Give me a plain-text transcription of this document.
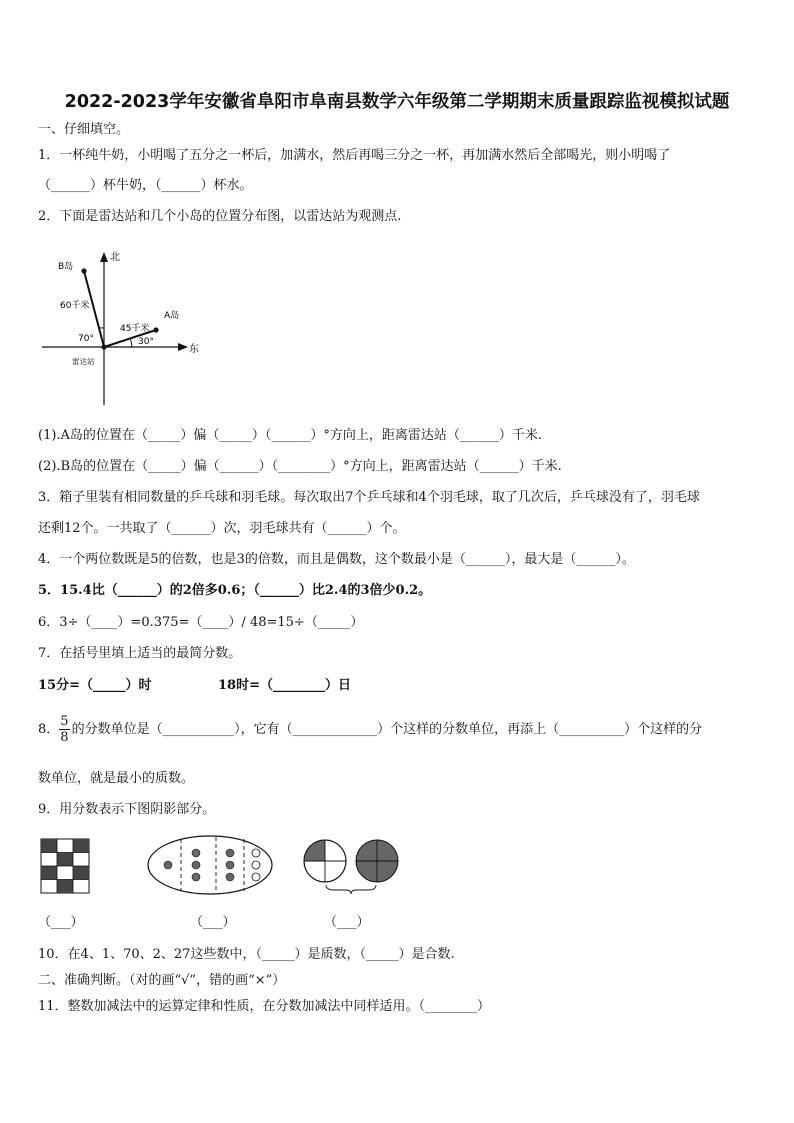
2022-2023学年安徽省阜阳市阜南县数学六年级第二学期期末质量跟踪监视模拟试题
一、仔细填空。
1．一杯纯牛奶，小明喝了五分之一杯后，加满水，然后再喝三分之一杯，再加满水然后全部喝光，则小明喝了
（______）杯牛奶，（______）杯水。
2．下面是雷达站和几个小岛的位置分布图，以雷达站为观测点.
北
东
B岛
A岛
60千米
45千米
70°	30°
雷达站
(1).A岛的位置在（_____）偏（_____）（______）°方向上，距离雷达站（______）千米.
(2).B岛的位置在（_____）偏（______）（________）°方向上，距离雷达站（______）千米.
3．箱子里装有相同数量的乒乓球和羽毛球。每次取出7个乒乓球和4个羽毛球，取了几次后，乒乓球没有了，羽毛球
还剩12个。一共取了（______）次，羽毛球共有（______）个。
4．一个两位数既是5的倍数，也是3的倍数，而且是偶数，这个数最小是（______），最大是（______）。
5．15.4比（______）的2倍多0.6；（______）比2.4的3倍少0.2。
6．3÷（____）=0.375=（____）/ 48=15÷（_____）
7．在括号里填上适当的最简分数。
15分=（_____）时	18时=（________）日
8． $\frac{5}{8}$ 的分数单位是（___________），它有（_____________）个这样的分数单位，再添上（__________）个这样的分
数单位，就是最小的质数。
9．用分数表示下图阴影部分。
（___）	（___）	（___）
10．在4、1、70、2、27这些数中，（_____）是质数，（_____）是合数.
二、准确判断。（对的画“√”，错的画“×”）
11．整数加减法中的运算定律和性质，在分数加减法中同样适用。（________）
